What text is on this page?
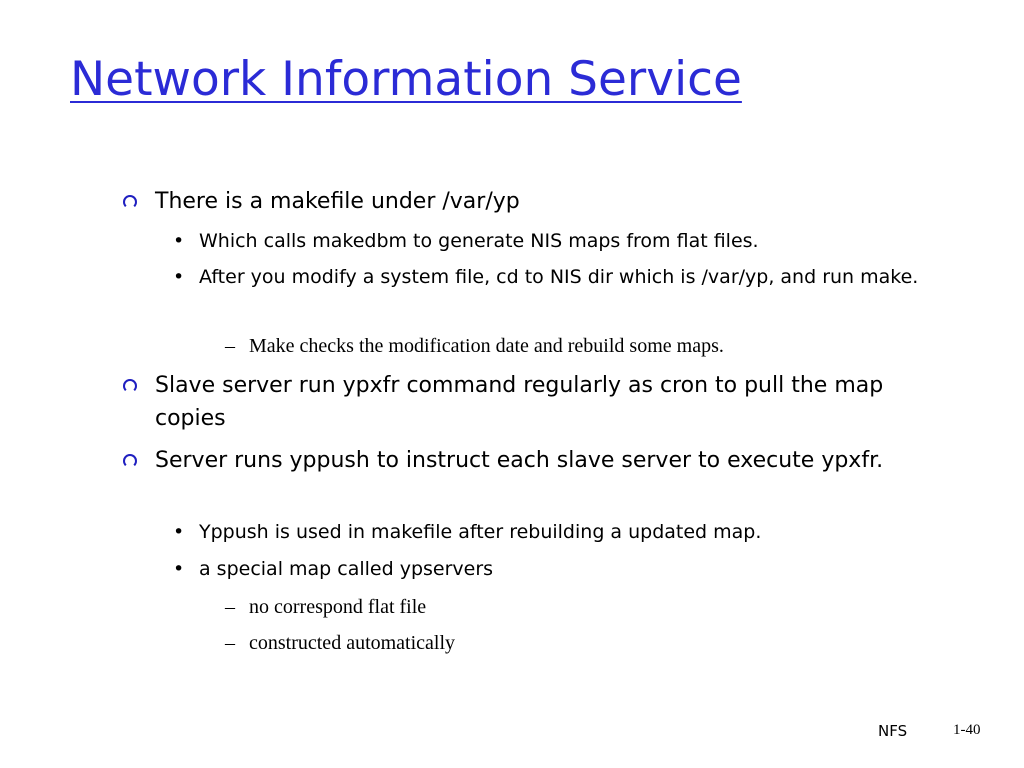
Network Information Service
There is a makefile under /var/yp
• Which calls makedbm to generate NIS maps from flat files.
• After you modify a system file, cd to NIS dir which is /var/yp, and run make.
– Make checks the modification date and rebuild some maps.
Slave server run ypxfr command regularly as cron to pull the map copies
Server runs yppush to instruct each slave server to execute ypxfr.
• Yppush is used in makefile after rebuilding a updated map.
• a special map called ypservers
– no correspond flat file
– constructed automatically
NFS	1-40
